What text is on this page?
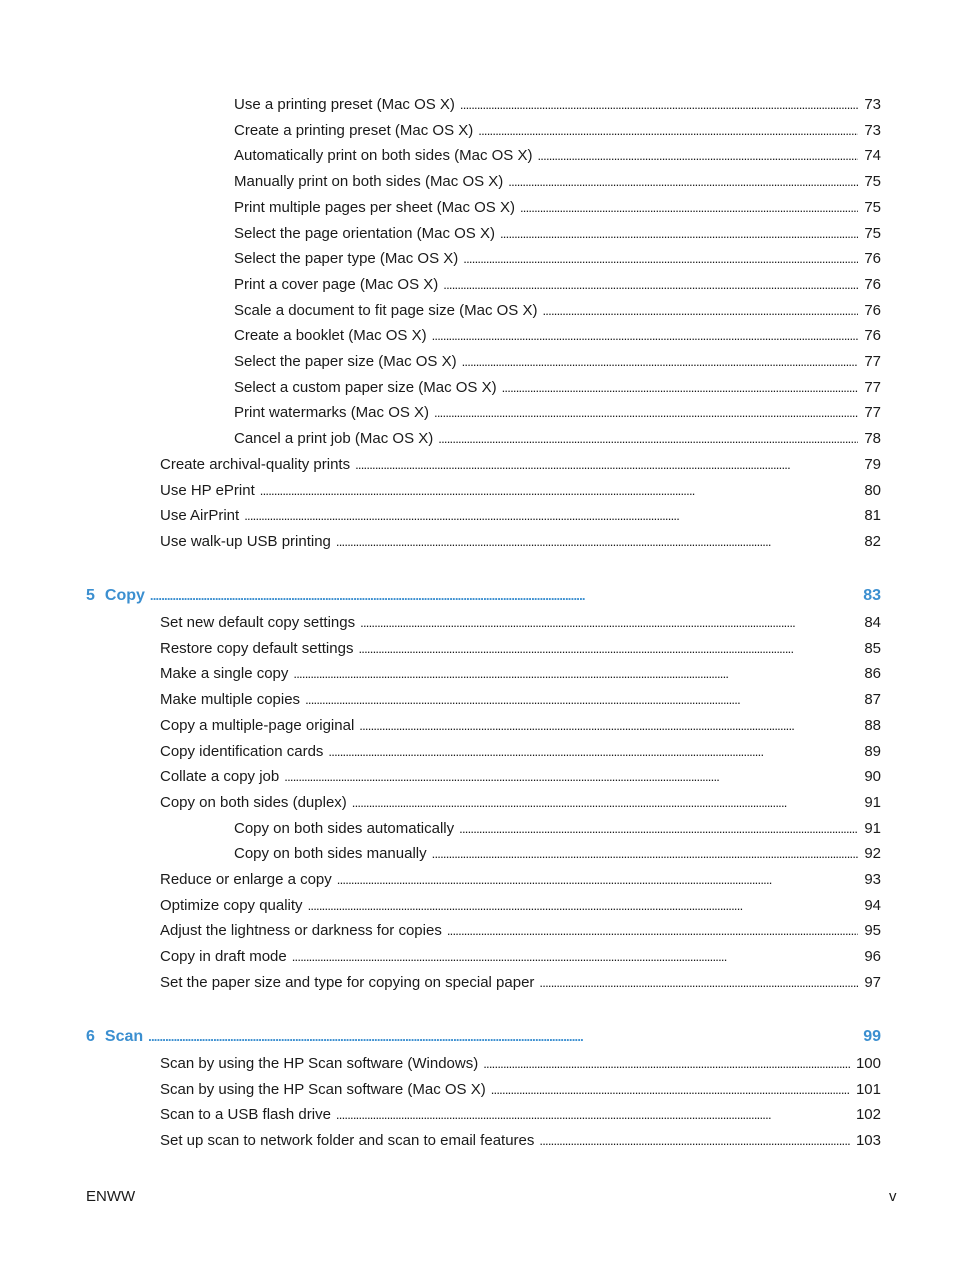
Use a printing preset (Mac OS X) . . .	73
Create a printing preset (Mac OS X) . . .	73
Automatically print on both sides (Mac OS X) . . .	74
Manually print on both sides (Mac OS X) . . .	75
Print multiple pages per sheet (Mac OS X) . . .	75
Select the page orientation (Mac OS X) . . .	75
Select the paper type (Mac OS X) . . .	76
Print a cover page (Mac OS X) . . .	76
Scale a document to fit page size (Mac OS X) . . .	76
Create a booklet (Mac OS X) . . .	76
Select the paper size (Mac OS X) . . .	77
Select a custom paper size (Mac OS X) . . .	77
Print watermarks (Mac OS X) . . .	77
Cancel a print job (Mac OS X) . . .	78
Create archival-quality prints . . .	79
Use HP ePrint . . .	80
Use AirPrint . . .	81
Use walk-up USB printing . . .	82
5 Copy . . .	83
Set new default copy settings . . .	84
Restore copy default settings . . .	85
Make a single copy . . .	86
Make multiple copies . . .	87
Copy a multiple-page original . . .	88
Copy identification cards . . .	89
Collate a copy job . . .	90
Copy on both sides (duplex) . . .	91
Copy on both sides automatically . . .	91
Copy on both sides manually . . .	92
Reduce or enlarge a copy . . .	93
Optimize copy quality . . .	94
Adjust the lightness or darkness for copies . . .	95
Copy in draft mode . . .	96
Set the paper size and type for copying on special paper . . .	97
6 Scan . . .	99
Scan by using the HP Scan software (Windows) . . .	100
Scan by using the HP Scan software (Mac OS X) . . .	101
Scan to a USB flash drive . . .	102
Set up scan to network folder and scan to email features . . .	103
ENWW	v
